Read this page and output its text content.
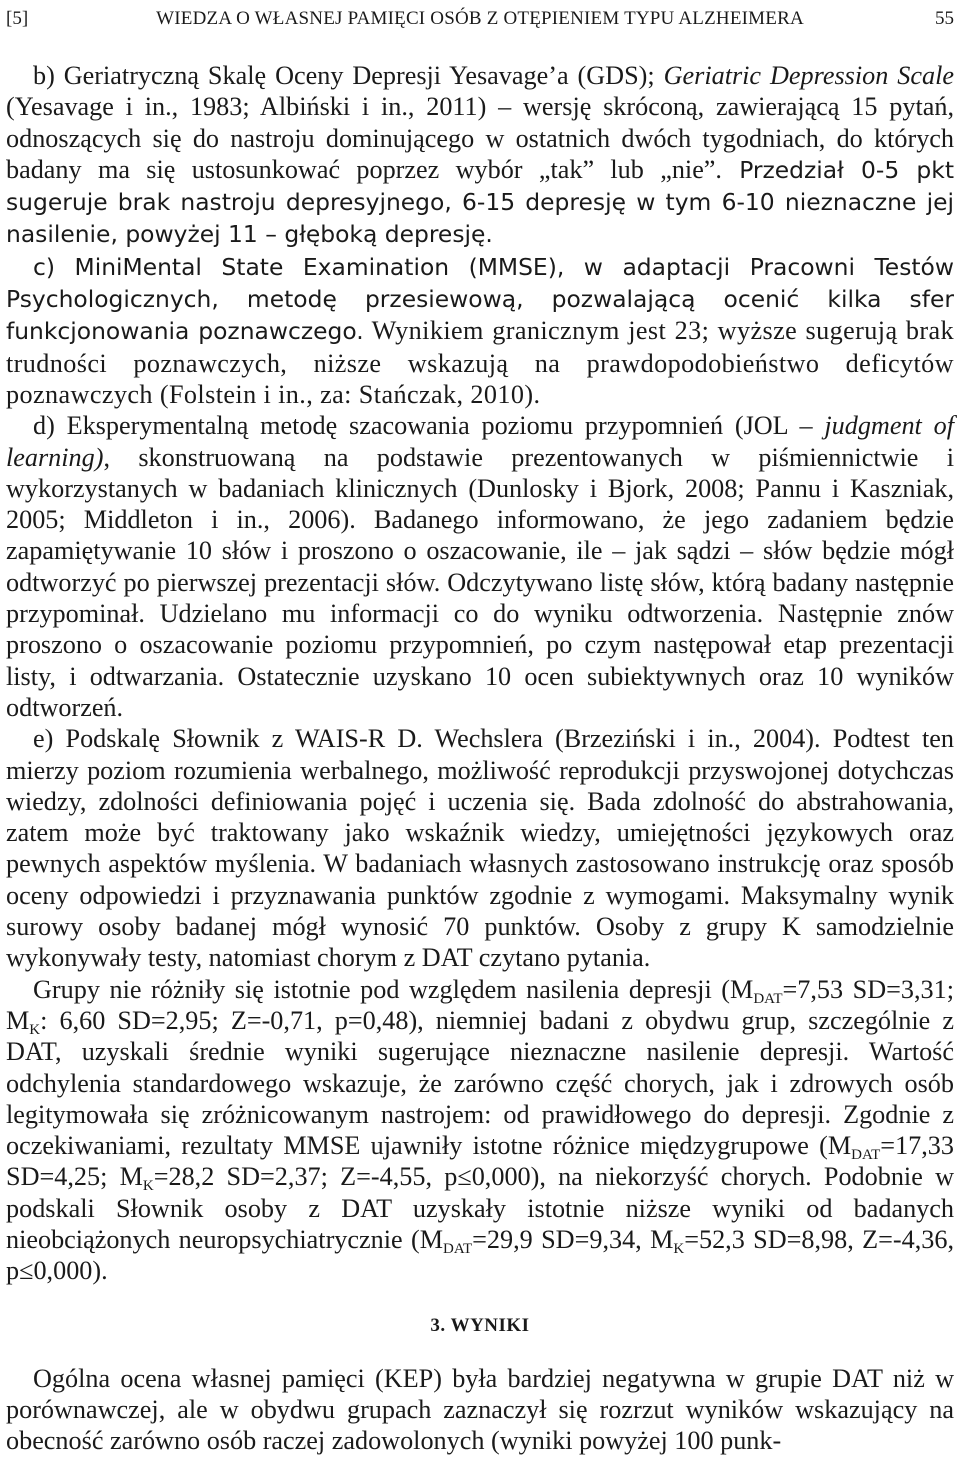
[5]	WIEDZA O WŁASNEJ PAMIĘCI OSÓB Z OTĘPIENIEM TYPU ALZHEIMERA	55

b) Geriatryczną Skalę Oceny Depresji Yesavage’a (GDS); Geriatric Depression Scale (Yesavage i in., 1983; Albiński i in., 2011) – wersję skróconą, zawierającą 15 pytań, odnoszących się do nastroju dominującego w ostatnich dwóch tygodniach, do których badany ma się ustosunkować poprzez wybór „tak” lub „nie”. Przedział 0-5 pkt sugeruje brak nastroju depresyjnego, 6-15 depresję w tym 6-10 nieznaczne jej nasilenie, powyżej 11 – głęboką depresję.

c) MiniMental State Examination (MMSE), w adaptacji Pracowni Testów Psychologicznych, metodę przesiewową, pozwalającą ocenić kilka sfer funkcjonowania poznawczego. Wynikiem granicznym jest 23; wyższe sugerują brak trudności poznawczych, niższe wskazują na prawdopodobieństwo deficytów poznawczych (Folstein i in., za: Stańczak, 2010).

d) Eksperymentalną metodę szacowania poziomu przypomnień (JOL – judgment of learning), skonstruowaną na podstawie prezentowanych w piśmiennictwie i wykorzystanych w badaniach klinicznych (Dunlosky i Bjork, 2008; Pannu i Kaszniak, 2005; Middleton i in., 2006). Badanego informowano, że jego zadaniem będzie zapamiętywanie 10 słów i proszono o oszacowanie, ile – jak sądzi – słów będzie mógł odtworzyć po pierwszej prezentacji słów. Odczytywano listę słów, którą badany następnie przypominał. Udzielano mu informacji co do wyniku odtworzenia. Następnie znów proszono o oszacowanie poziomu przypomnień, po czym następował etap prezentacji listy, i odtwarzania. Ostatecznie uzyskano 10 ocen subiektywnych oraz 10 wyników odtworzeń.

e) Podskalę Słownik z WAIS-R D. Wechslera (Brzeziński i in., 2004). Podtest ten mierzy poziom rozumienia werbalnego, możliwość reprodukcji przyswojonej dotychczas wiedzy, zdolności definiowania pojęć i uczenia się. Bada zdolność do abstrahowania, zatem może być traktowany jako wskaźnik wiedzy, umiejętności językowych oraz pewnych aspektów myślenia. W badaniach własnych zastosowano instrukcję oraz sposób oceny odpowiedzi i przyznawania punktów zgodnie z wymogami. Maksymalny wynik surowy osoby badanej mógł wynosić 70 punktów. Osoby z grupy K samodzielnie wykonywały testy, natomiast chorym z DAT czytano pytania.

Grupy nie różniły się istotnie pod względem nasilenia depresji ($M_{DAT}=7,53$ SD=3,31; $M_K$: 6,60 SD=2,95; Z=-0,71, p=0,48), niemniej badani z obydwu grup, szczególnie z DAT, uzyskali średnie wyniki sugerujące nieznaczne nasilenie depresji. Wartość odchylenia standardowego wskazuje, że zarówno część chorych, jak i zdrowych osób legitymowała się zróżnicowanym nastrojem: od prawidłowego do depresji. Zgodnie z oczekiwaniami, rezultaty MMSE ujawniły istotne różnice międzygrupowe ($M_{DAT}=17,33$ SD=4,25; $M_K=28,2$ SD=2,37; Z=-4,55, p≤0,000), na niekorzyść chorych. Podobnie w podskali Słownik osoby z DAT uzyskały istotnie niższe wyniki od badanych nieobciążonych neuropsychiatrycznie ($M_{DAT}=29,9$ SD=9,34, $M_K=52,3$ SD=8,98, Z=-4,36, p≤0,000).

3. WYNIKI

Ogólna ocena własnej pamięci (KEP) była bardziej negatywna w grupie DAT niż w porównawczej, ale w obydwu grupach zaznaczył się rozrzut wyników wskazujący na obecność zarówno osób raczej zadowolonych (wyniki powyżej 100 punk-
